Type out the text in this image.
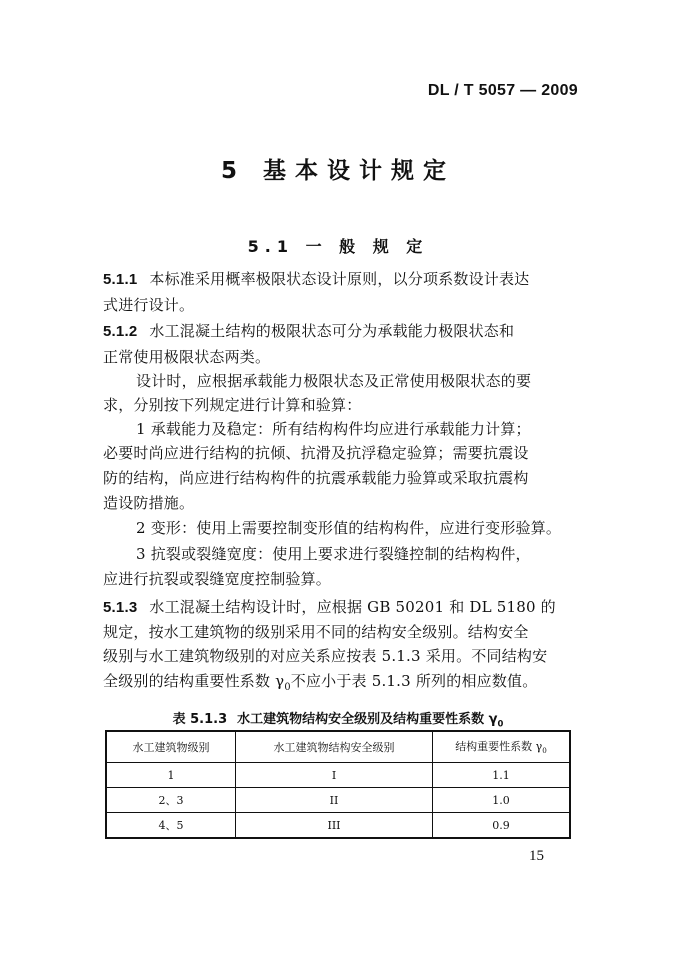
DL / T 5057 — 2009
5 基本设计规定
5.1 一 般 规 定
5.1.1 本标准采用概率极限状态设计原则，以分项系数设计表达
式进行设计。
5.1.2 水工混凝土结构的极限状态可分为承载能力极限状态和
正常使用极限状态两类。
设计时，应根据承载能力极限状态及正常使用极限状态的要
求，分别按下列规定进行计算和验算：
1 承载能力及稳定：所有结构构件均应进行承载能力计算；
必要时尚应进行结构的抗倾、抗滑及抗浮稳定验算；需要抗震设
防的结构，尚应进行结构构件的抗震承载能力验算或采取抗震构
造设防措施。
2 变形：使用上需要控制变形值的结构构件，应进行变形验算。
3 抗裂或裂缝宽度：使用上要求进行裂缝控制的结构构件，
应进行抗裂或裂缝宽度控制验算。
5.1.3 水工混凝土结构设计时，应根据 GB 50201 和 DL 5180 的
规定，按水工建筑物的级别采用不同的结构安全级别。结构安全
级别与水工建筑物级别的对应关系应按表 5.1.3 采用。不同结构安
全级别的结构重要性系数 $\gamma_0$不应小于表 5.1.3 所列的相应数值。
表 5.1.3 水工建筑物结构安全级别及结构重要性系数 $\gamma_0$
水工建筑物级别	水工建筑物结构安全级别	结构重要性系数 $\gamma_0$
1	I	1.1
2、3	II	1.0
4、5	III	0.9
15
